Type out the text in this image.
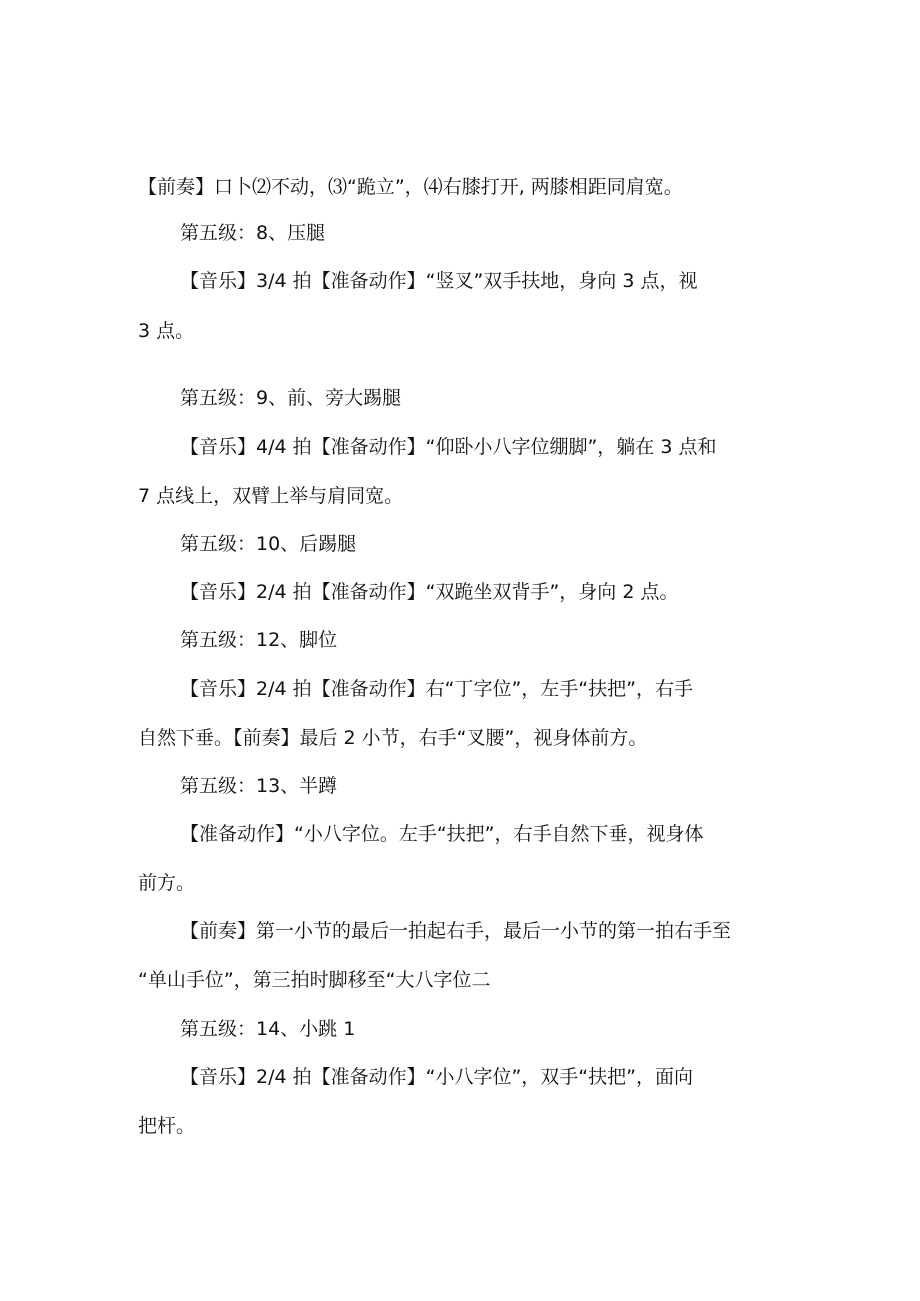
【前奏】口卜⑵不动，⑶“跪立”，⑷右膝打开, 两膝相距同肩宽。
第五级：8、压腿
【音乐】3/4 拍【准备动作】“竖叉”双手扶地，身向 3 点，视
3 点。
第五级：9、前、旁大踢腿
【音乐】4/4 拍【准备动作】“仰卧小八字位绷脚”，躺在 3 点和
7 点线上，双臂上举与肩同宽。
第五级：10、后踢腿
【音乐】2/4 拍【准备动作】“双跪坐双背手”，身向 2 点。
第五级：12、脚位
【音乐】2/4 拍【准备动作】右“丁字位”，左手“扶把”，右手
自然下垂。【前奏】最后 2 小节，右手“叉腰”，视身体前方。
第五级：13、半蹲
【准备动作】“小八字位。左手“扶把”，右手自然下垂，视身体
前方。
【前奏】第一小节的最后一拍起右手，最后一小节的第一拍右手至
“单山手位”，第三拍时脚移至“大八字位二
第五级：14、小跳 1
【音乐】2/4 拍【准备动作】“小八字位”，双手“扶把”，面向
把杆。
